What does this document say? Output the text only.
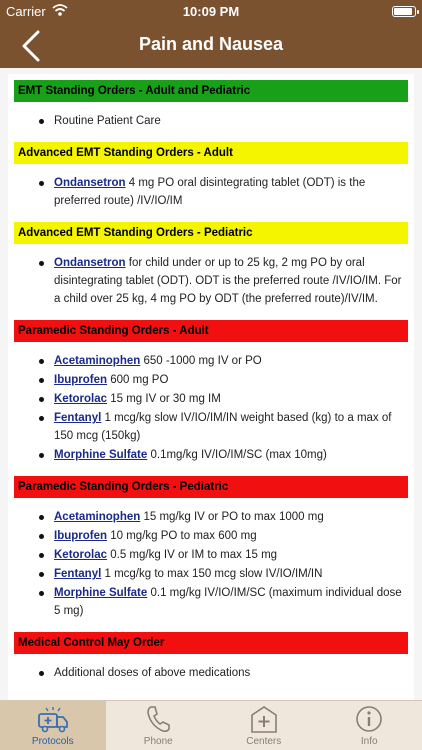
Carrier	10:09 PM
Pain and Nausea
EMT Standing Orders - Adult and Pediatric
Routine Patient Care
Advanced EMT Standing Orders - Adult
Ondansetron 4 mg PO oral disintegrating tablet (ODT) is the preferred route) /IV/IO/IM
Advanced EMT Standing Orders - Pediatric
Ondansetron for child under or up to 25 kg, 2 mg PO by oral disintegrating tablet (ODT). ODT is the preferred route /IV/IO/IM. For a child over 25 kg, 4 mg PO by ODT (the preferred route)/IV/IM.
Paramedic Standing Orders - Adult
Acetaminophen 650 -1000 mg IV or PO
Ibuprofen 600 mg PO
Ketorolac 15 mg IV or 30 mg IM
Fentanyl 1 mcg/kg slow IV/IO/IM/IN weight based (kg) to a max of 150 mcg (150kg)
Morphine Sulfate 0.1mg/kg IV/IO/IM/SC (max 10mg)
Paramedic Standing Orders - Pediatric
Acetaminophen 15 mg/kg IV or PO to max 1000 mg
Ibuprofen 10 mg/kg PO to max 600 mg
Ketorolac 0.5 mg/kg IV or IM to max 15 mg
Fentanyl 1 mcg/kg to max 150 mcg slow IV/IO/IM/IN
Morphine Sulfate 0.1 mg/kg IV/IO/IM/SC (maximum individual dose 5 mg)
Medical Control May Order
Additional doses of above medications
Protocols	Phone	Centers	Info
